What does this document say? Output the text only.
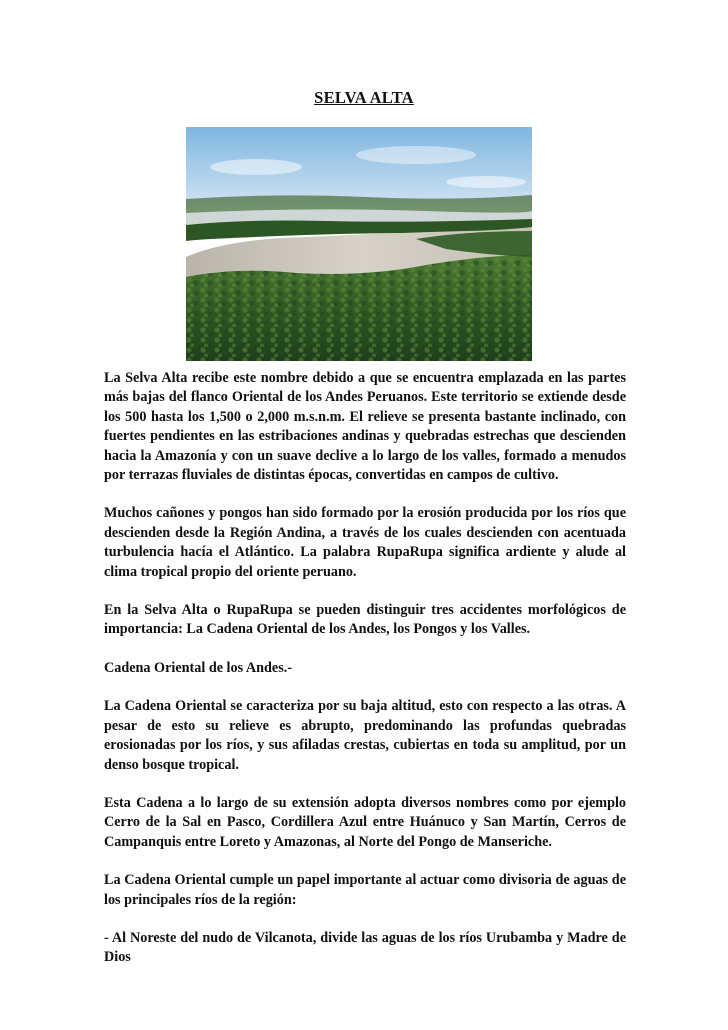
SELVA ALTA

La Selva Alta recibe este nombre debido a que se encuentra emplazada en las partes más bajas del flanco Oriental de los Andes Peruanos. Este territorio se extiende desde los 500 hasta los 1,500 o 2,000 m.s.n.m. El relieve se presenta bastante inclinado, con fuertes pendientes en las estribaciones andinas y quebradas estrechas que descienden hacia la Amazonía y con un suave declive a lo largo de los valles, formado a menudos por terrazas fluviales de distintas épocas, convertidas en campos de cultivo.

Muchos cañones y pongos han sido formado por la erosión producida por los ríos que descienden desde la Región Andina, a través de los cuales descienden con acentuada turbulencia hacía el Atlántico. La palabra RupaRupa significa ardiente y alude al clima tropical propio del oriente peruano.

En la Selva Alta o RupaRupa se pueden distinguir tres accidentes morfológicos de importancia: La Cadena Oriental de los Andes, los Pongos y los Valles.

Cadena Oriental de los Andes.-

La Cadena Oriental se caracteriza por su baja altitud, esto con respecto a las otras. A pesar de esto su relieve es abrupto, predominando las profundas quebradas erosionadas por los ríos, y sus afiladas crestas, cubiertas en toda su amplitud, por un denso bosque tropical.

Esta Cadena a lo largo de su extensión adopta diversos nombres como por ejemplo Cerro de la Sal en Pasco, Cordillera Azul entre Huánuco y San Martín, Cerros de Campanquis entre Loreto y Amazonas, al Norte del Pongo de Manseriche.

La Cadena Oriental cumple un papel importante al actuar como divisoria de aguas de los principales ríos de la región:

- Al Noreste del nudo de Vilcanota, divide las aguas de los ríos Urubamba y Madre de Dios
